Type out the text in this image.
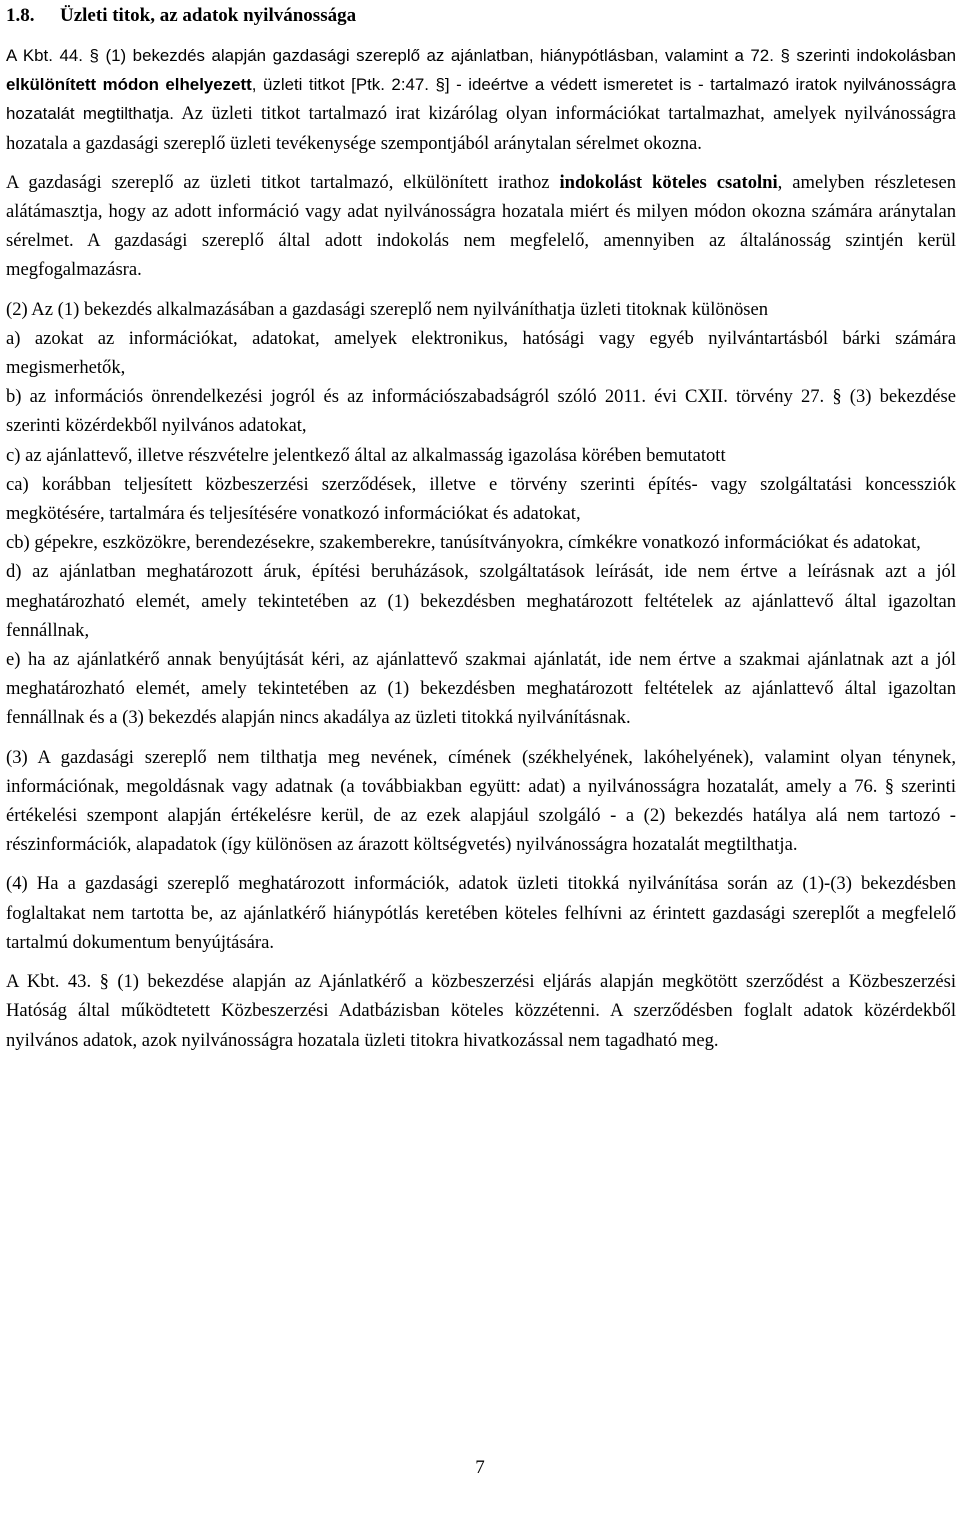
1.8. Üzleti titok, az adatok nyilvánossága

A Kbt. 44. § (1) bekezdés alapján gazdasági szereplő az ajánlatban, hiánypótlásban, valamint a 72. § szerinti indokolásban elkülönített módon elhelyezett, üzleti titkot [Ptk. 2:47. §] - ideértve a védett ismeretet is - tartalmazó iratok nyilvánosságra hozatalát megtilthatja. Az üzleti titkot tartalmazó irat kizárólag olyan információkat tartalmazhat, amelyek nyilvánosságra hozatala a gazdasági szereplő üzleti tevékenysége szempontjából aránytalan sérelmet okozna.

A gazdasági szereplő az üzleti titkot tartalmazó, elkülönített irathoz indokolást köteles csatolni, amelyben részletesen alátámasztja, hogy az adott információ vagy adat nyilvánosságra hozatala miért és milyen módon okozna számára aránytalan sérelmet. A gazdasági szereplő által adott indokolás nem megfelelő, amennyiben az általánosság szintjén kerül megfogalmazásra.

(2) Az (1) bekezdés alkalmazásában a gazdasági szereplő nem nyilváníthatja üzleti titoknak különösen

a) azokat az információkat, adatokat, amelyek elektronikus, hatósági vagy egyéb nyilvántartásból bárki számára megismerhetők,

b) az információs önrendelkezési jogról és az információszabadságról szóló 2011. évi CXII. törvény 27. § (3) bekezdése szerinti közérdekből nyilvános adatokat,

c) az ajánlattevő, illetve részvételre jelentkező által az alkalmasság igazolása körében bemutatott

ca) korábban teljesített közbeszerzési szerződések, illetve e törvény szerinti építés- vagy szolgáltatási koncessziók megkötésére, tartalmára és teljesítésére vonatkozó információkat és adatokat,

cb) gépekre, eszközökre, berendezésekre, szakemberekre, tanúsítványokra, címkékre vonatkozó információkat és adatokat,

d) az ajánlatban meghatározott áruk, építési beruházások, szolgáltatások leírását, ide nem értve a leírásnak azt a jól meghatározható elemét, amely tekintetében az (1) bekezdésben meghatározott feltételek az ajánlattevő által igazoltan fennállnak,

e) ha az ajánlatkérő annak benyújtását kéri, az ajánlattevő szakmai ajánlatát, ide nem értve a szakmai ajánlatnak azt a jól meghatározható elemét, amely tekintetében az (1) bekezdésben meghatározott feltételek az ajánlattevő által igazoltan fennállnak és a (3) bekezdés alapján nincs akadálya az üzleti titokká nyilvánításnak.

(3) A gazdasági szereplő nem tilthatja meg nevének, címének (székhelyének, lakóhelyének), valamint olyan ténynek, információnak, megoldásnak vagy adatnak (a továbbiakban együtt: adat) a nyilvánosságra hozatalát, amely a 76. § szerinti értékelési szempont alapján értékelésre kerül, de az ezek alapjául szolgáló - a (2) bekezdés hatálya alá nem tartozó - részinformációk, alapadatok (így különösen az árazott költségvetés) nyilvánosságra hozatalát megtilthatja.

(4) Ha a gazdasági szereplő meghatározott információk, adatok üzleti titokká nyilvánítása során az (1)-(3) bekezdésben foglaltakat nem tartotta be, az ajánlatkérő hiánypótlás keretében köteles felhívni az érintett gazdasági szereplőt a megfelelő tartalmú dokumentum benyújtására.

A Kbt. 43. § (1) bekezdése alapján az Ajánlatkérő a közbeszerzési eljárás alapján megkötött szerződést a Közbeszerzési Hatóság által működtetett Közbeszerzési Adatbázisban köteles közzétenni. A szerződésben foglalt adatok közérdekből nyilvános adatok, azok nyilvánosságra hozatala üzleti titokra hivatkozással nem tagadható meg.

7
